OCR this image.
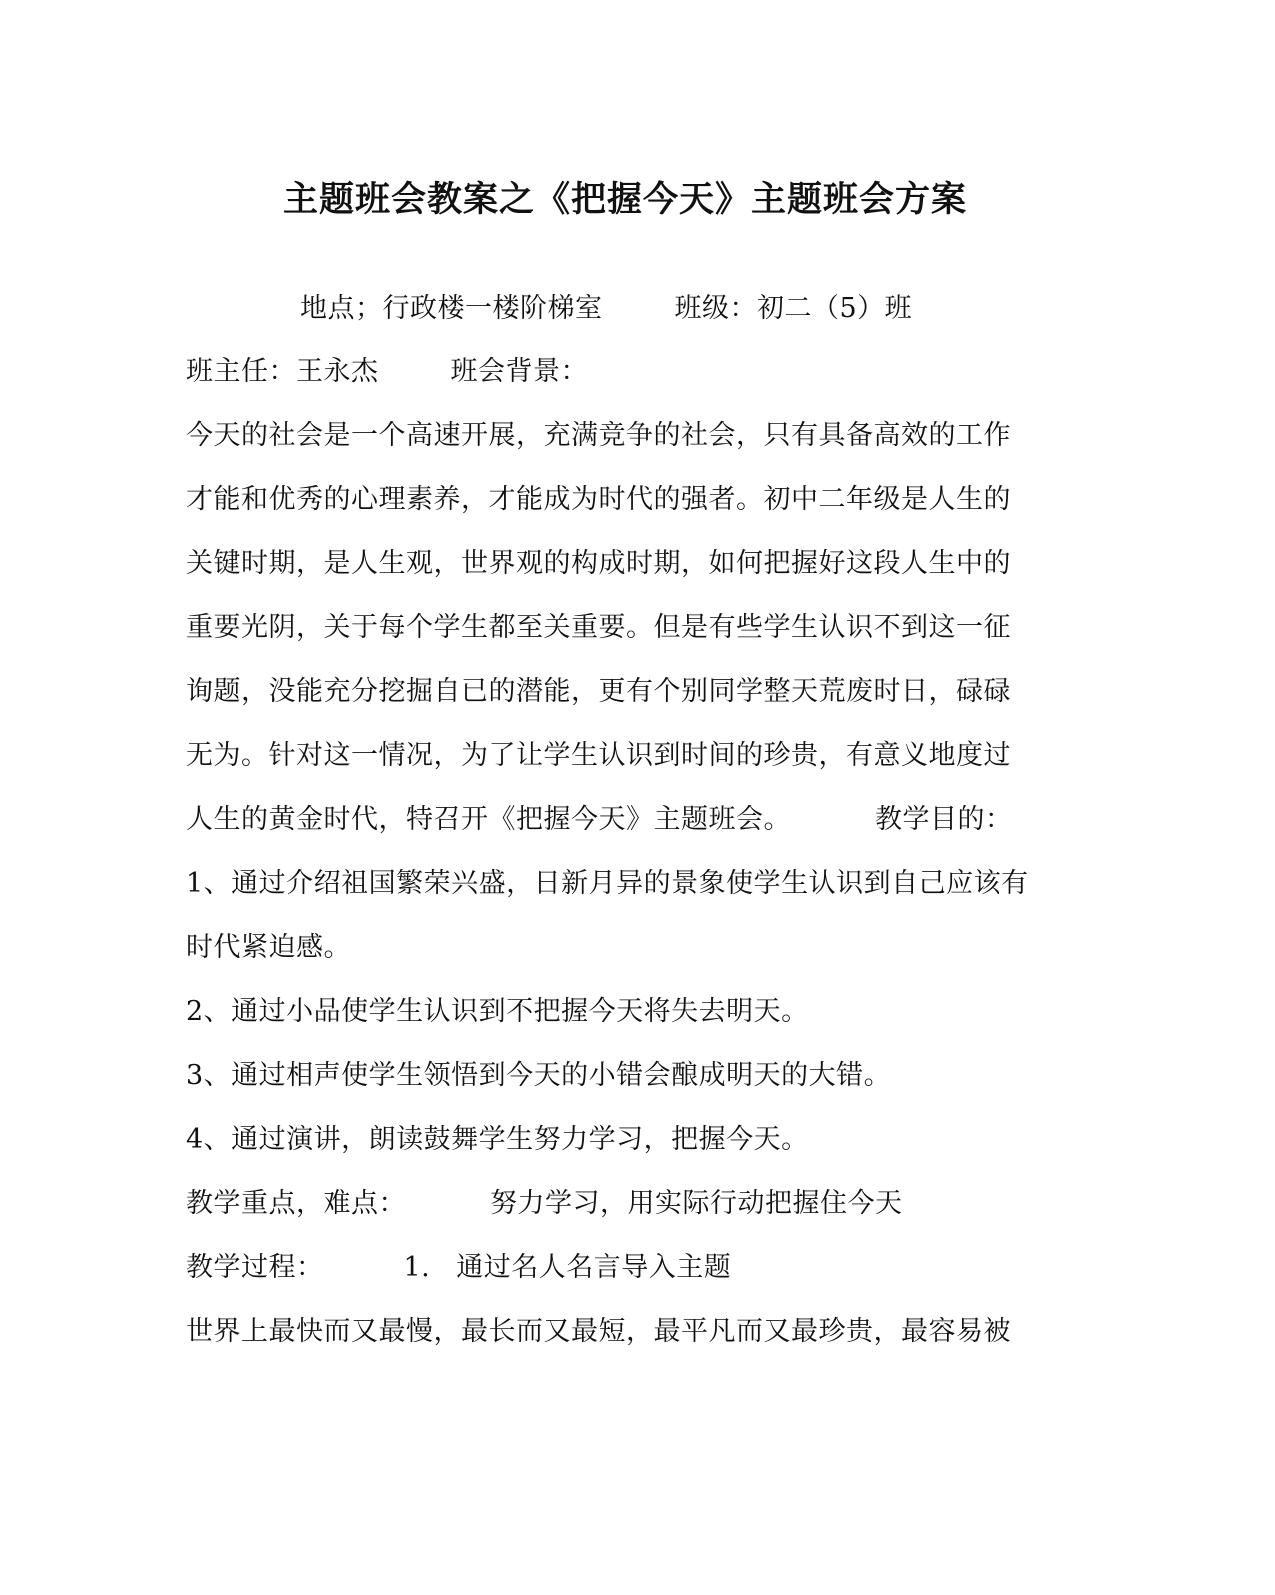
主题班会教案之《把握今天》主题班会方案
地点；行政楼一楼阶梯室	班级：初二（5）班
班主任：王永杰	班会背景：
今天的社会是一个高速开展，充满竞争的社会，只有具备高效的工作
才能和优秀的心理素养，才能成为时代的强者。初中二年级是人生的
关键时期，是人生观，世界观的构成时期，如何把握好这段人生中的
重要光阴，关于每个学生都至关重要。但是有些学生认识不到这一征
询题，没能充分挖掘自已的潜能，更有个别同学整天荒废时日，碌碌
无为。针对这一情况，为了让学生认识到时间的珍贵，有意义地度过
人生的黄金时代，特召开《把握今天》主题班会。	教学目的：
1、通过介绍祖国繁荣兴盛，日新月异的景象使学生认识到自己应该有
时代紧迫感。
2、通过小品使学生认识到不把握今天将失去明天。
3、通过相声使学生领悟到今天的小错会酿成明天的大错。
4、通过演讲，朗读鼓舞学生努力学习，把握今天。
教学重点，难点：	努力学习，用实际行动把握住今天
教学过程：	1. 通过名人名言导入主题
世界上最快而又最慢，最长而又最短，最平凡而又最珍贵，最容易被
